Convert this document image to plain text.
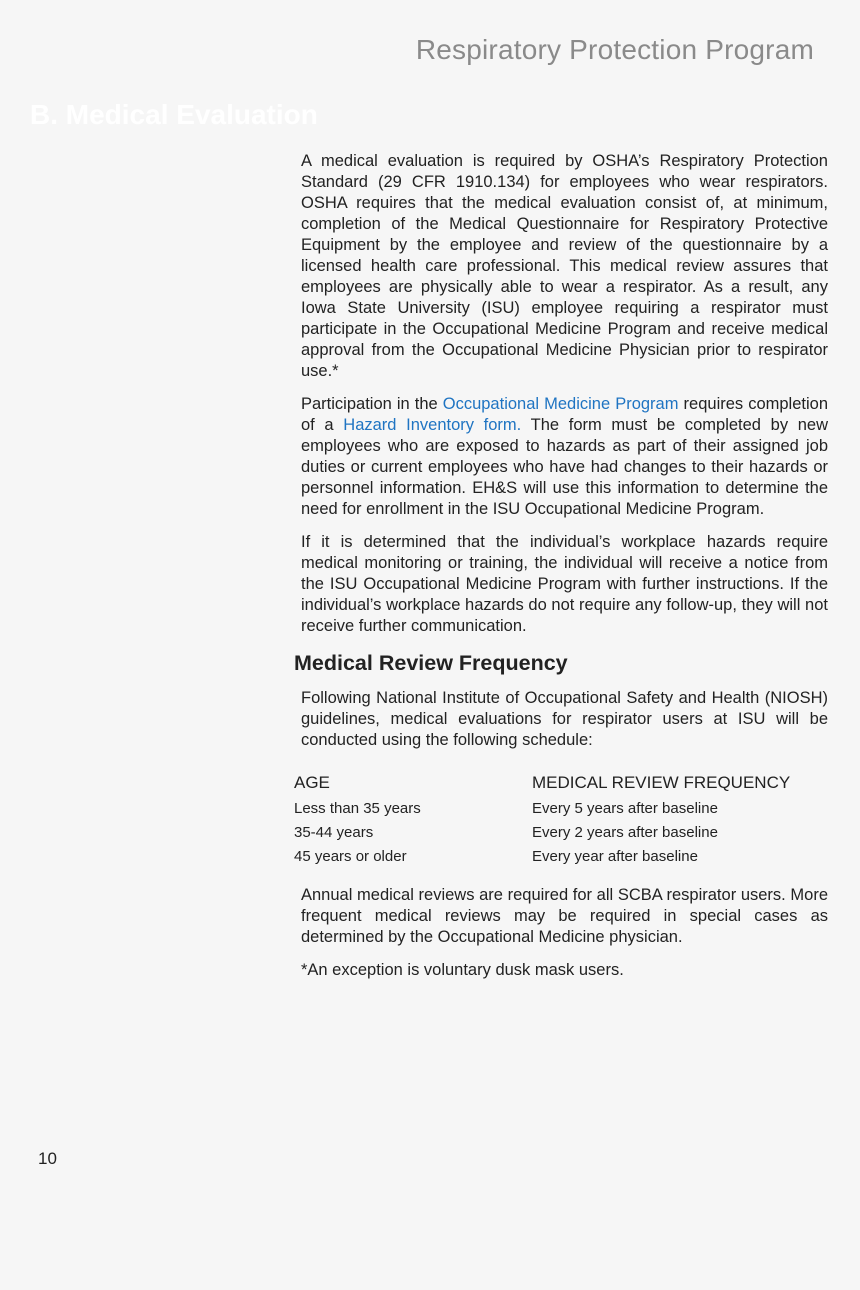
Respiratory Protection Program
B. Medical Evaluation

A medical evaluation is required by OSHA’s Respiratory Protection Standard (29 CFR 1910.134) for employees who wear respirators. OSHA requires that the medical evaluation consist of, at minimum, completion of the Medical Questionnaire for Respiratory Protective Equipment by the employee and review of the questionnaire by a licensed health care professional. This medical review assures that employees are physically able to wear a respirator. As a result, any Iowa State University (ISU) employee requiring a respirator must participate in the Occupational Medicine Program and receive medical approval from the Occupational Medicine Physician prior to respirator use.*

Participation in the Occupational Medicine Program requires completion of a Hazard Inventory form. The form must be completed by new employees who are exposed to hazards as part of their assigned job duties or current employees who have had changes to their hazards or personnel information. EH&S will use this information to determine the need for enrollment in the ISU Occupational Medicine Program.

If it is determined that the individual’s workplace hazards require medical monitoring or training, the individual will receive a notice from the ISU Occupational Medicine Program with further instructions. If the individual’s workplace hazards do not require any follow-up, they will not receive further communication.

Medical Review Frequency

Following National Institute of Occupational Safety and Health (NIOSH) guidelines, medical evaluations for respirator users at ISU will be conducted using the following schedule:

AGE	MEDICAL REVIEW FREQUENCY
Less than 35 years	Every 5 years after baseline
35-44 years	Every 2 years after baseline
45 years or older	Every year after baseline

Annual medical reviews are required for all SCBA respirator users. More frequent medical reviews may be required in special cases as determined by the Occupational Medicine physician.

*An exception is voluntary dusk mask users.

10
